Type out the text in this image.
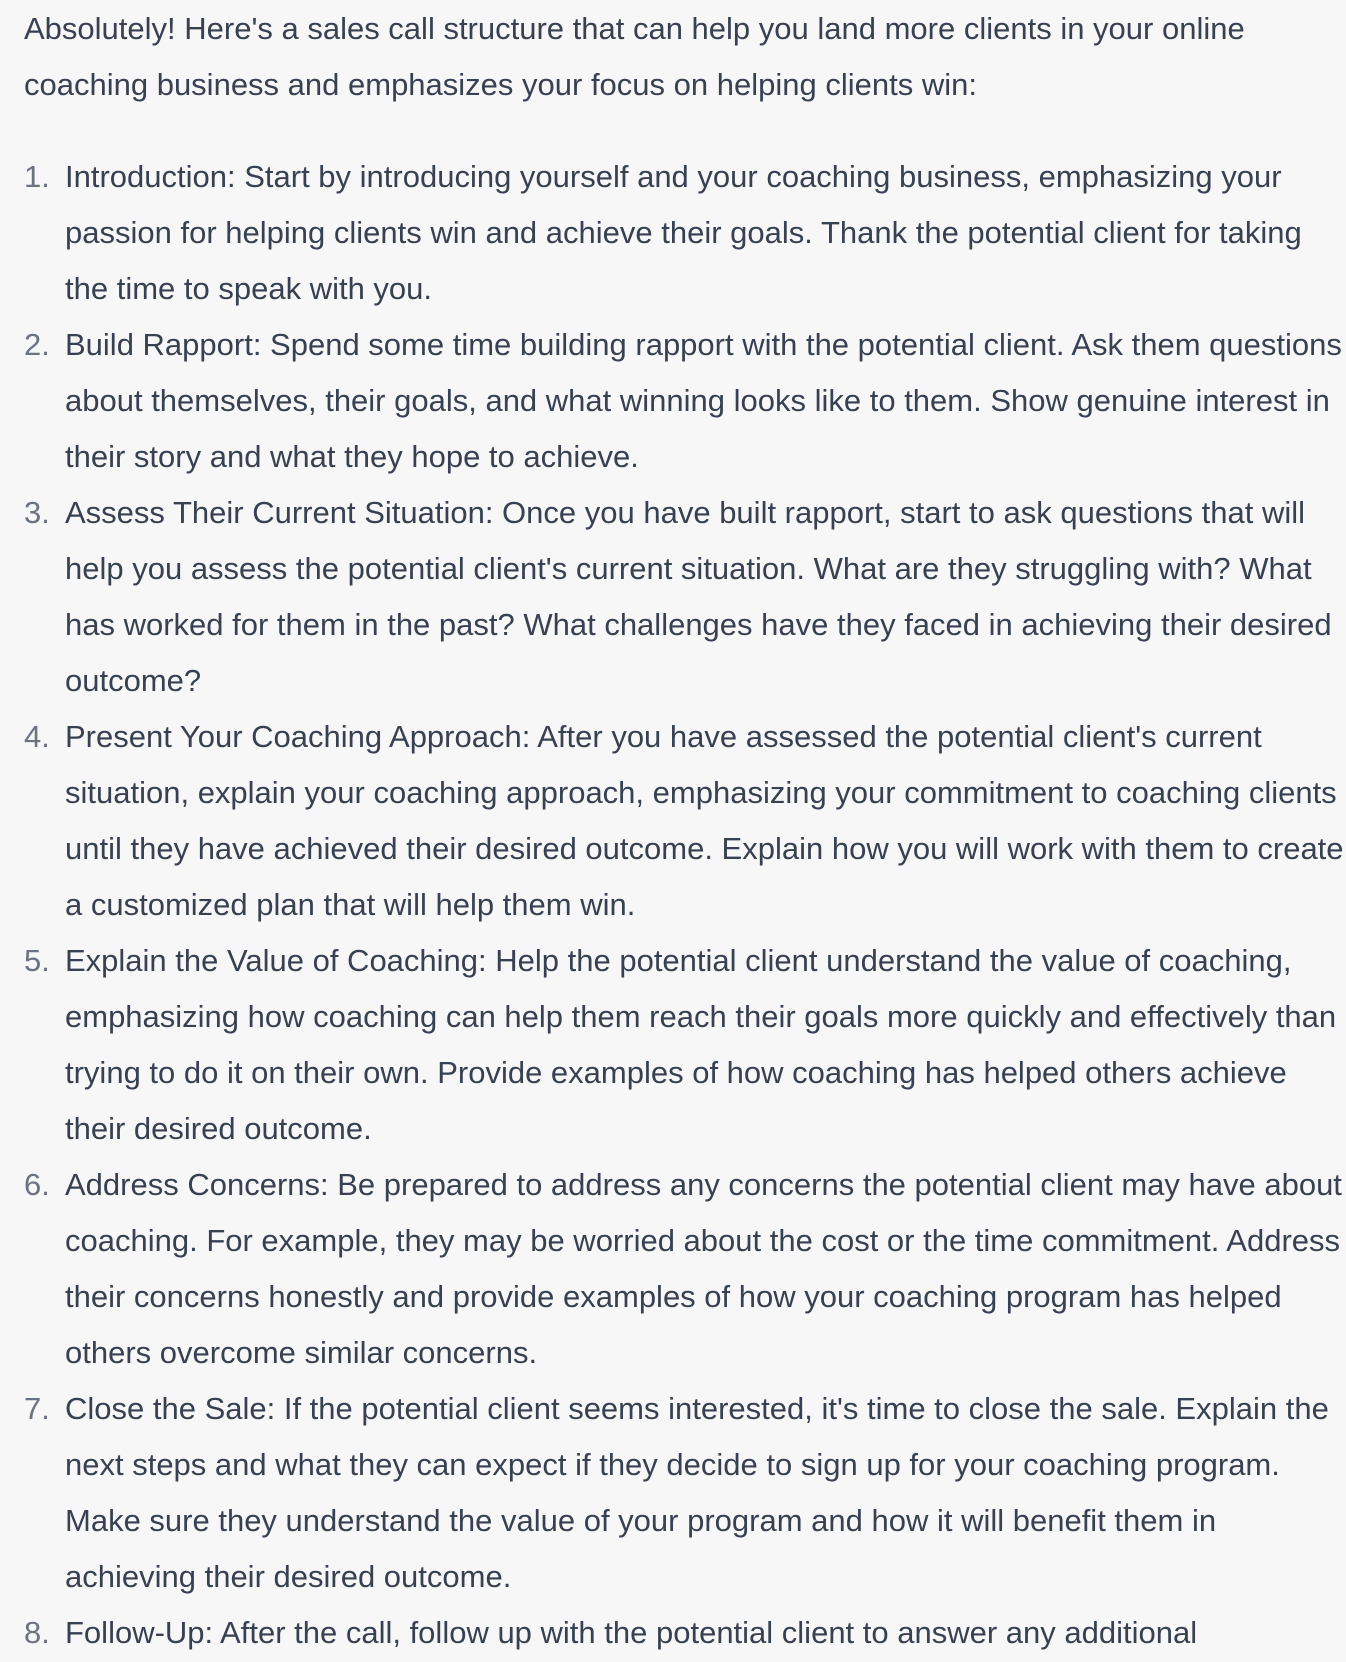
Absolutely! Here's a sales call structure that can help you land more clients in your online coaching business and emphasizes your focus on helping clients win:

1. Introduction: Start by introducing yourself and your coaching business, emphasizing your passion for helping clients win and achieve their goals. Thank the potential client for taking the time to speak with you.
2. Build Rapport: Spend some time building rapport with the potential client. Ask them questions about themselves, their goals, and what winning looks like to them. Show genuine interest in their story and what they hope to achieve.
3. Assess Their Current Situation: Once you have built rapport, start to ask questions that will help you assess the potential client's current situation. What are they struggling with? What has worked for them in the past? What challenges have they faced in achieving their desired outcome?
4. Present Your Coaching Approach: After you have assessed the potential client's current situation, explain your coaching approach, emphasizing your commitment to coaching clients until they have achieved their desired outcome. Explain how you will work with them to create a customized plan that will help them win.
5. Explain the Value of Coaching: Help the potential client understand the value of coaching, emphasizing how coaching can help them reach their goals more quickly and effectively than trying to do it on their own. Provide examples of how coaching has helped others achieve their desired outcome.
6. Address Concerns: Be prepared to address any concerns the potential client may have about coaching. For example, they may be worried about the cost or the time commitment. Address their concerns honestly and provide examples of how your coaching program has helped others overcome similar concerns.
7. Close the Sale: If the potential client seems interested, it's time to close the sale. Explain the next steps and what they can expect if they decide to sign up for your coaching program. Make sure they understand the value of your program and how it will benefit them in achieving their desired outcome.
8. Follow-Up: After the call, follow up with the potential client to answer any additional
